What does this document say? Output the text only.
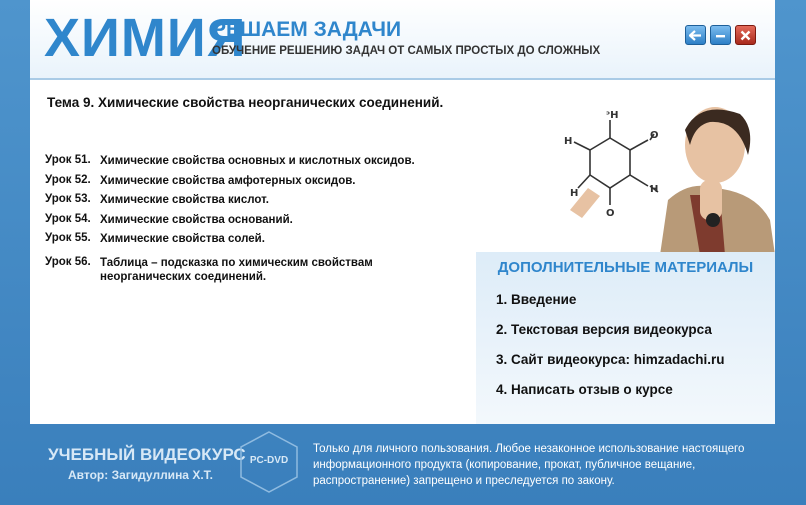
ХИМИЯ
РЕШАЕМ ЗАДАЧИ
ОБУЧЕНИЕ РЕШЕНИЮ ЗАДАЧ ОТ САМЫХ ПРОСТЫХ ДО СЛОЖНЫХ
Тема 9. Химические свойства неорганических соединений.
Урок 51. Химические свойства основных и кислотных оксидов.
Урок 52. Химические свойства амфотерных оксидов.
Урок 53. Химические свойства кислот.
Урок 54. Химические свойства оснований.
Урок 55. Химические свойства солей.
Урок 56. Таблица – подсказка по химическим свойствам неорганических соединений.
ᵓH
O
H
H
O
H
ДОПОЛНИТЕЛЬНЫЕ МАТЕРИАЛЫ
1. Введение
2. Текстовая версия видеокурса
3. Сайт видеокурса: himzadachi.ru
4. Написать отзыв о курсе
УЧЕБНЫЙ ВИДЕОКУРС
Автор: Загидуллина Х.Т.
PC-DVD
Только для личного пользования. Любое незаконное использование настоящего информационного продукта (копирование, прокат, публичное вещание, распространение) запрещено и преследуется по закону.
